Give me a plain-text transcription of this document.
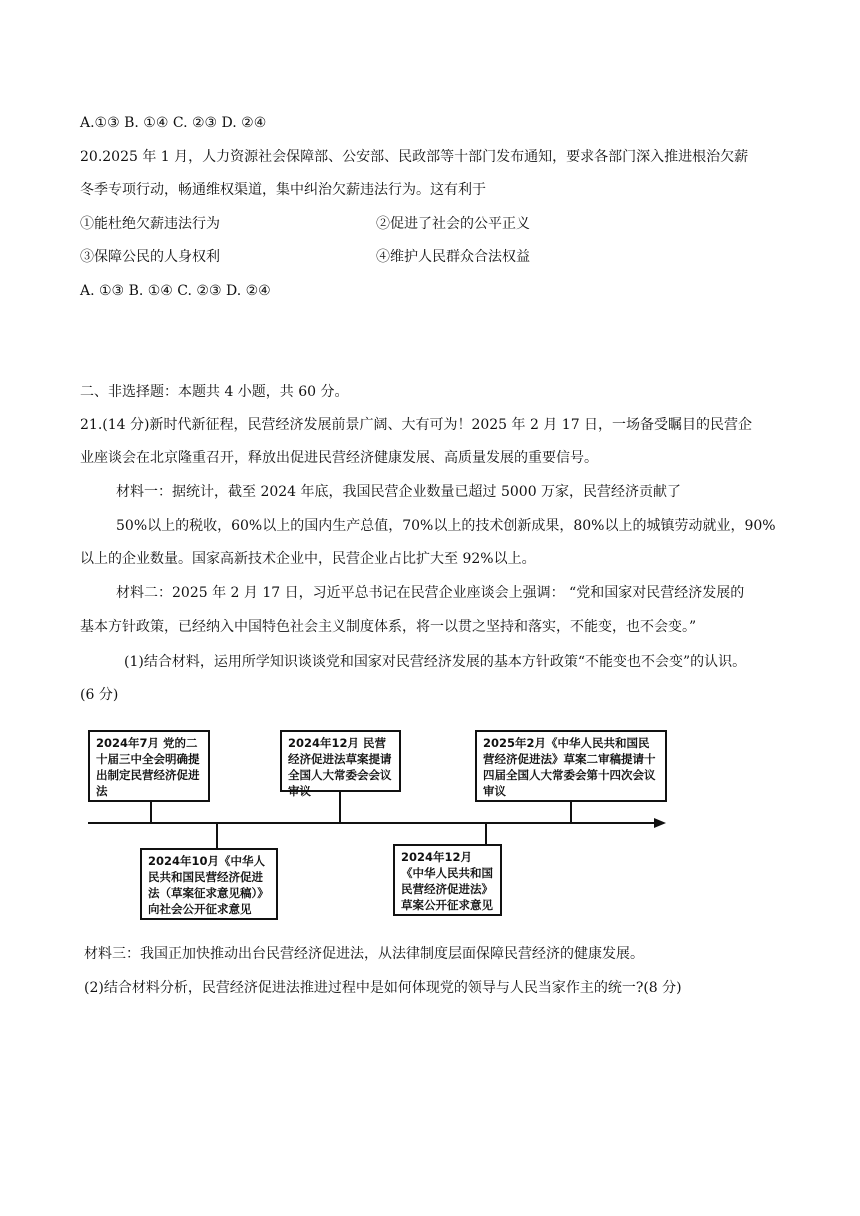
A.①③ B. ①④ C. ②③ D. ②④
20.2025 年 1 月，人力资源社会保障部、公安部、民政部等十部门发布通知，要求各部门深入推进根治欠薪
冬季专项行动，畅通维权渠道，集中纠治欠薪违法行为。这有利于
①能杜绝欠薪违法行为	②促进了社会的公平正义
③保障公民的人身权利	④维护人民群众合法权益
A. ①③ B. ①④ C. ②③ D. ②④
二、非选择题：本题共 4 小题，共 60 分。
21.(14 分)新时代新征程，民营经济发展前景广阔、大有可为！2025 年 2 月 17 日，一场备受瞩目的民营企
业座谈会在北京隆重召开，释放出促进民营经济健康发展、高质量发展的重要信号。
材料一：据统计，截至 2024 年底，我国民营企业数量已超过 5000 万家，民营经济贡献了
50%以上的税收，60%以上的国内生产总值，70%以上的技术创新成果，80%以上的城镇劳动就业，90%
以上的企业数量。国家高新技术企业中，民营企业占比扩大至 92%以上。
材料二：2025 年 2 月 17 日，习近平总书记在民营企业座谈会上强调： “党和国家对民营经济发展的
基本方针政策，已经纳入中国特色社会主义制度体系，将一以贯之坚持和落实，不能变，也不会变。”
(1)结合材料，运用所学知识谈谈党和国家对民营经济发展的基本方针政策“不能变也不会变”的认识。
(6 分)
2024年7月 党的二十届三中全会明确提出制定民营经济促进法
2024年12月 民营经济促进法草案提请全国人大常委会会议审议
2025年2月《中华人民共和国民营经济促进法》草案二审稿提请十四届全国人大常委会第十四次会议审议
2024年10月《中华人民共和国民营经济促进法（草案征求意见稿）》向社会公开征求意见
2024年12月《中华人民共和国民营经济促进法》草案公开征求意见
材料三：我国正加快推动出台民营经济促进法，从法律制度层面保障民营经济的健康发展。
(2)结合材料分析，民营经济促进法推进过程中是如何体现党的领导与人民当家作主的统一?(8 分)
